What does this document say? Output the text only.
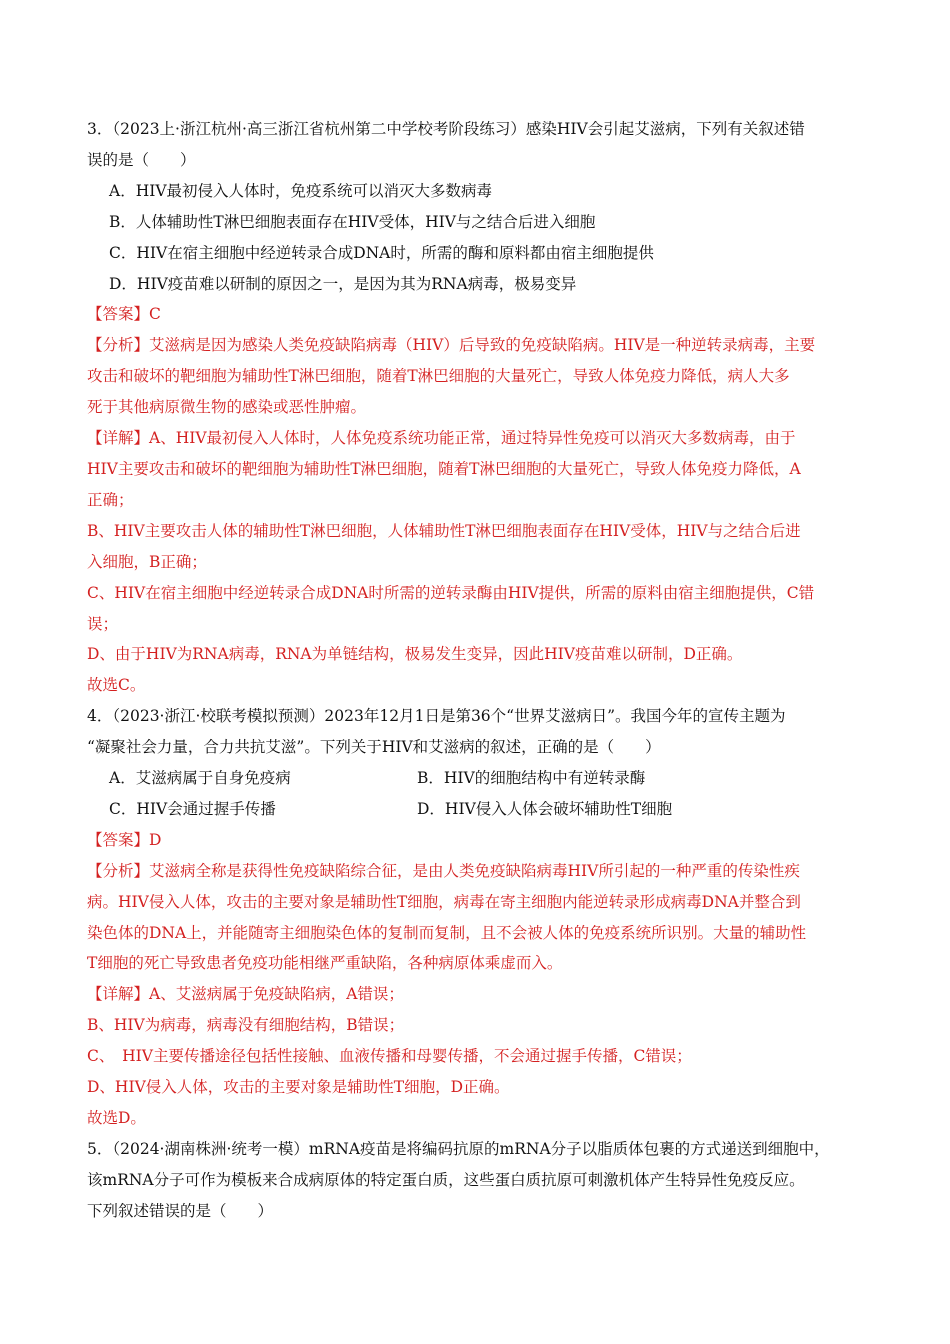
3．（2023上·浙江杭州·高三浙江省杭州第二中学校考阶段练习）感染HIV会引起艾滋病，下列有关叙述错
误的是（　　）
A．HIV最初侵入人体时，免疫系统可以消灭大多数病毒
B．人体辅助性T淋巴细胞表面存在HIV受体，HIV与之结合后进入细胞
C．HIV在宿主细胞中经逆转录合成DNA时，所需的酶和原料都由宿主细胞提供
D．HIV疫苗难以研制的原因之一，是因为其为RNA病毒，极易变异
【答案】C
【分析】艾滋病是因为感染人类免疫缺陷病毒（HIV）后导致的免疫缺陷病。HIV是一种逆转录病毒，主要
攻击和破坏的靶细胞为辅助性T淋巴细胞，随着T淋巴细胞的大量死亡，导致人体免疫力降低，病人大多
死于其他病原微生物的感染或恶性肿瘤。
【详解】A、HIV最初侵入人体时，人体免疫系统功能正常，通过特异性免疫可以消灭大多数病毒，由于
HIV主要攻击和破坏的靶细胞为辅助性T淋巴细胞，随着T淋巴细胞的大量死亡，导致人体免疫力降低，A
正确；
B、HIV主要攻击人体的辅助性T淋巴细胞，人体辅助性T淋巴细胞表面存在HIV受体，HIV与之结合后进
入细胞，B正确；
C、HIV在宿主细胞中经逆转录合成DNA时所需的逆转录酶由HIV提供，所需的原料由宿主细胞提供，C错
误；
D、由于HIV为RNA病毒，RNA为单链结构，极易发生变异，因此HIV疫苗难以研制，D正确。
故选C。
4．（2023·浙江·校联考模拟预测）2023年12月1日是第36个“世界艾滋病日”。我国今年的宣传主题为
“凝聚社会力量，合力共抗艾滋”。下列关于HIV和艾滋病的叙述，正确的是（　　）
A．艾滋病属于自身免疫病	B．HIV的细胞结构中有逆转录酶
C．HIV会通过握手传播	D．HIV侵入人体会破坏辅助性T细胞
【答案】D
【分析】艾滋病全称是获得性免疫缺陷综合征，是由人类免疫缺陷病毒HIV所引起的一种严重的传染性疾
病。HIV侵入人体，攻击的主要对象是辅助性T细胞，病毒在寄主细胞内能逆转录形成病毒DNA并整合到
染色体的DNA上，并能随寄主细胞染色体的复制而复制，且不会被人体的免疫系统所识别。大量的辅助性
T细胞的死亡导致患者免疫功能相继严重缺陷，各种病原体乘虚而入。
【详解】A、艾滋病属于免疫缺陷病，A错误；
B、HIV为病毒，病毒没有细胞结构，B错误；
C、　HIV主要传播途径包括性接触、血液传播和母婴传播，不会通过握手传播，C错误；
D、HIV侵入人体，攻击的主要对象是辅助性T细胞，D正确。
故选D。
5．（2024·湖南株洲·统考一模）mRNA疫苗是将编码抗原的mRNA分子以脂质体包裹的方式递送到细胞中，
该mRNA分子可作为模板来合成病原体的特定蛋白质，这些蛋白质抗原可刺激机体产生特异性免疫反应。
下列叙述错误的是（　　）
